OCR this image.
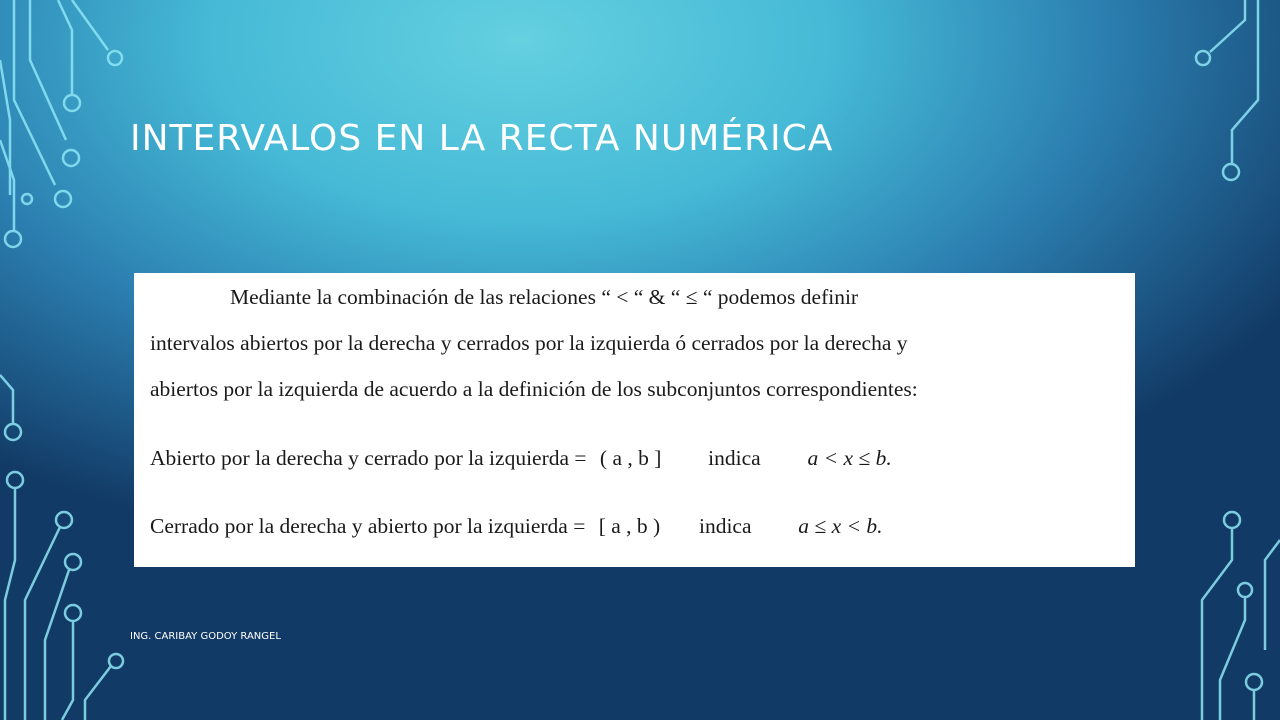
INTERVALOS EN LA RECTA NUMÉRICA
Mediante la combinación de las relaciones “ < “ & “ ≤ “ podemos definir
intervalos abiertos por la derecha y cerrados por la izquierda ó cerrados por la derecha y
abiertos por la izquierda de acuerdo a la definición de los subconjuntos correspondientes:
Abierto por la derecha y cerrado por la izquierda = ( a , b ] indica a < x ≤ b.
Cerrado por la derecha y abierto por la izquierda = [ a , b ) indica a ≤ x < b.
ING. CARIBAY GODOY RANGEL
